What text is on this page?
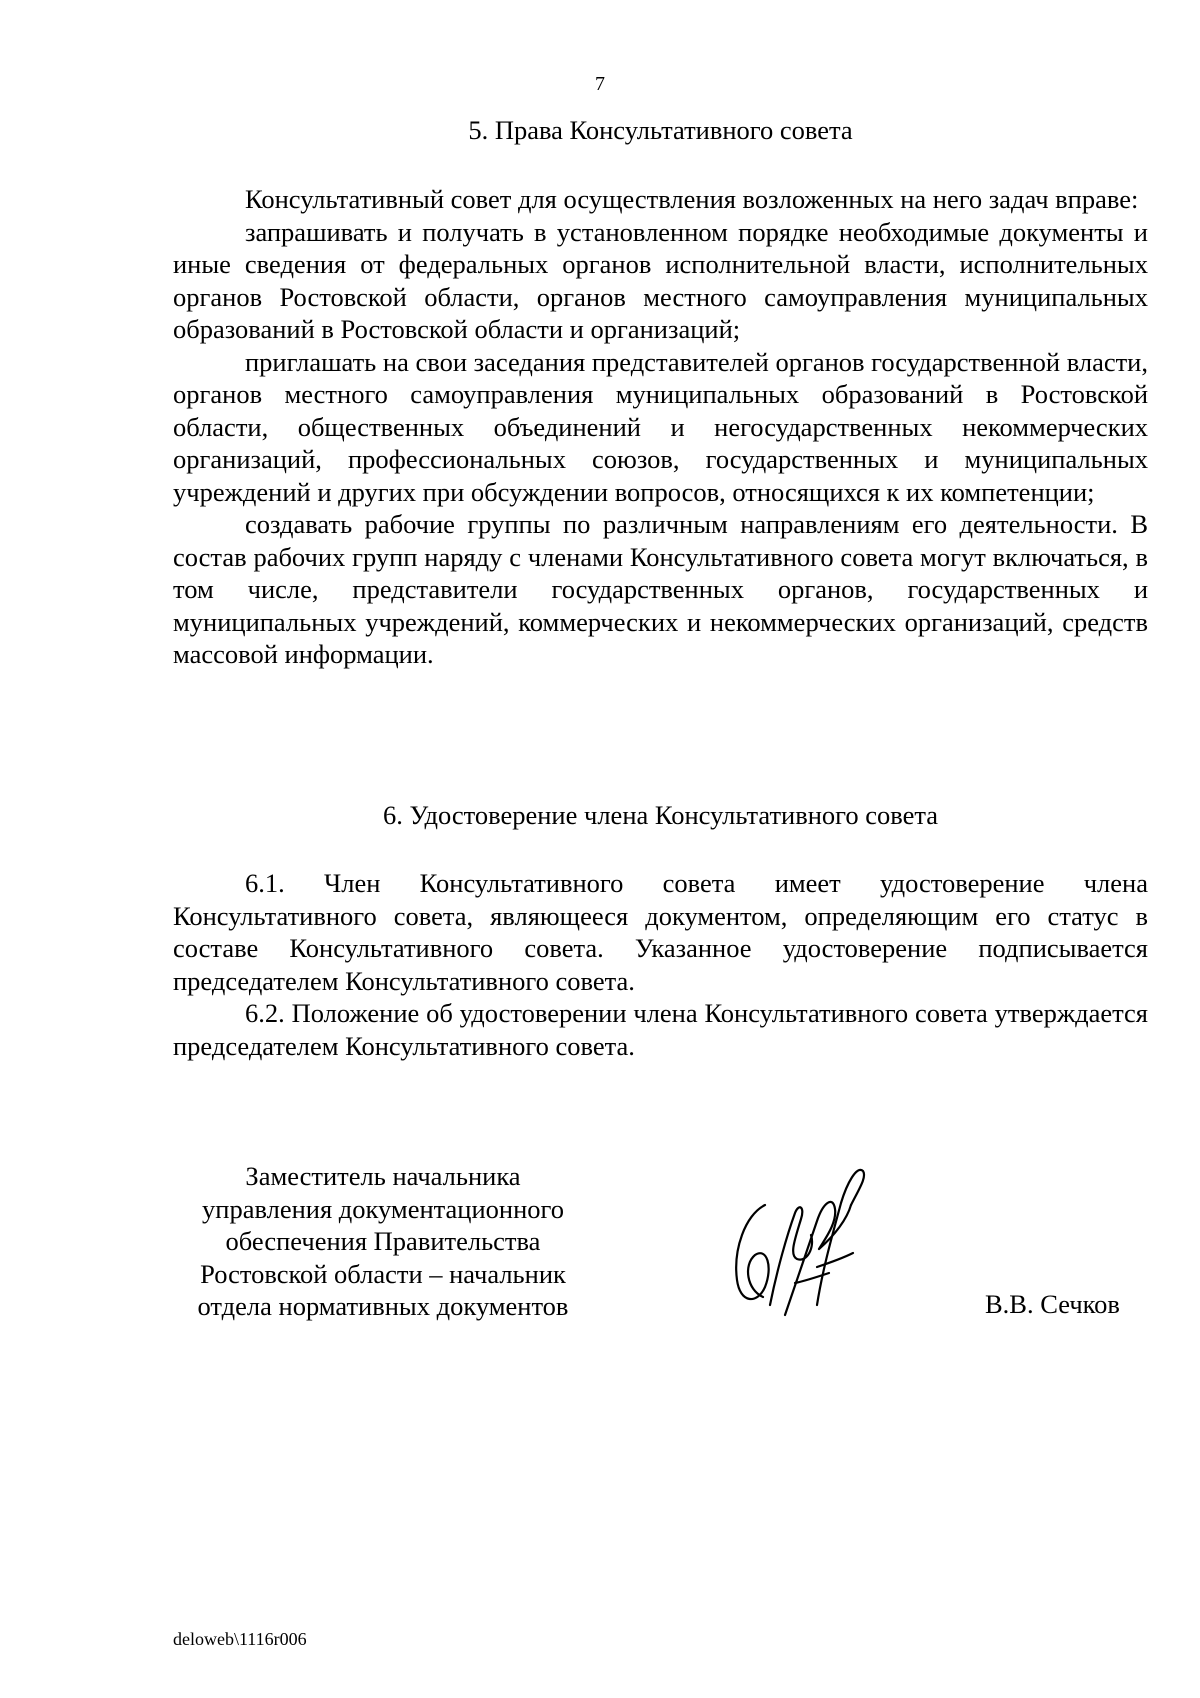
7
5. Права Консультативного совета

Консультативный совет для осуществления возложенных на него задач вправе:

запрашивать и получать в установленном порядке необходимые документы и иные сведения от федеральных органов исполнительной власти, исполнительных органов Ростовской области, органов местного самоуправления муниципальных образований в Ростовской области и организаций;

приглашать на свои заседания представителей органов государственной власти, органов местного самоуправления муниципальных образований в Ростовской области, общественных объединений и негосударственных некоммерческих организаций, профессиональных союзов, государственных и муниципальных учреждений и других при обсуждении вопросов, относящихся к их компетенции;

создавать рабочие группы по различным направлениям его деятельности. В состав рабочих групп наряду с членами Консультативного совета могут включаться, в том числе, представители государственных органов, государственных и муниципальных учреждений, коммерческих и некоммерческих организаций, средств массовой информации.

6. Удостоверение члена Консультативного совета

6.1. Член Консультативного совета имеет удостоверение члена Консультативного совета, являющееся документом, определяющим его статус в составе Консультативного совета. Указанное удостоверение подписывается председателем Консультативного совета.

6.2. Положение об удостоверении члена Консультативного совета утверждается председателем Консультативного совета.

Заместитель начальника
управления документационного
обеспечения Правительства
Ростовской области – начальник
отдела нормативных документов	В.В. Сечков
deloweb\1116r006
